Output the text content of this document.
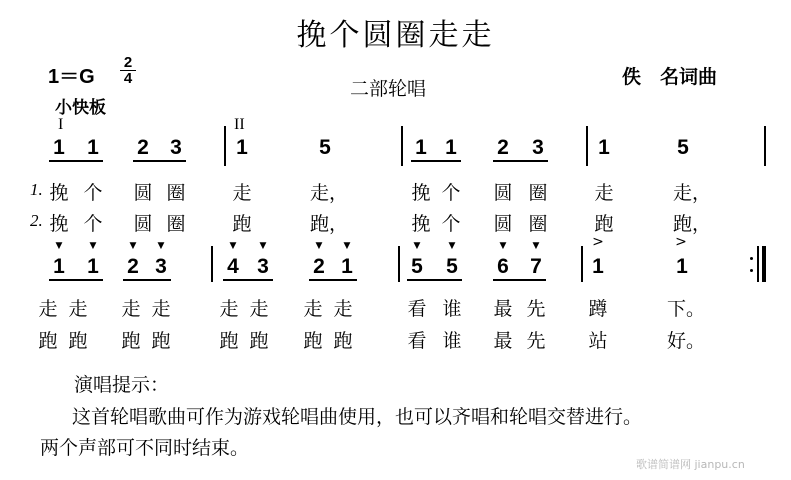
挽个圆圈走走
1＝G
2
4	二部轮唱
佚　名词曲
小快板
I	II
1 1 2 3	1	5	1 1 2 3	1	5
1.
2.
挽 个 圆 圈 走	走，	挽 个 圆 圈 走	走，
挽 个 圆 圈 跑	跑，	挽 个 圆 圈 跑	跑，
▼	▼	▼ ▼	▼	▼	▼ ▼	▼	▼	▼	▼	>	>
1 1 2 3	4 3 2 1	5 5 6 7 1	1
走 走 走 走	走 走 走 走	看 谁 最 先 蹲	下。
跑 跑 跑 跑	跑 跑 跑 跑	看 谁 最 先 站	好。
演唱提示：
这首轮唱歌曲可作为游戏轮唱曲使用，也可以齐唱和轮唱交替进行。
两个声部可不同时结束。
歌谱简谱网 jianpu.cn
